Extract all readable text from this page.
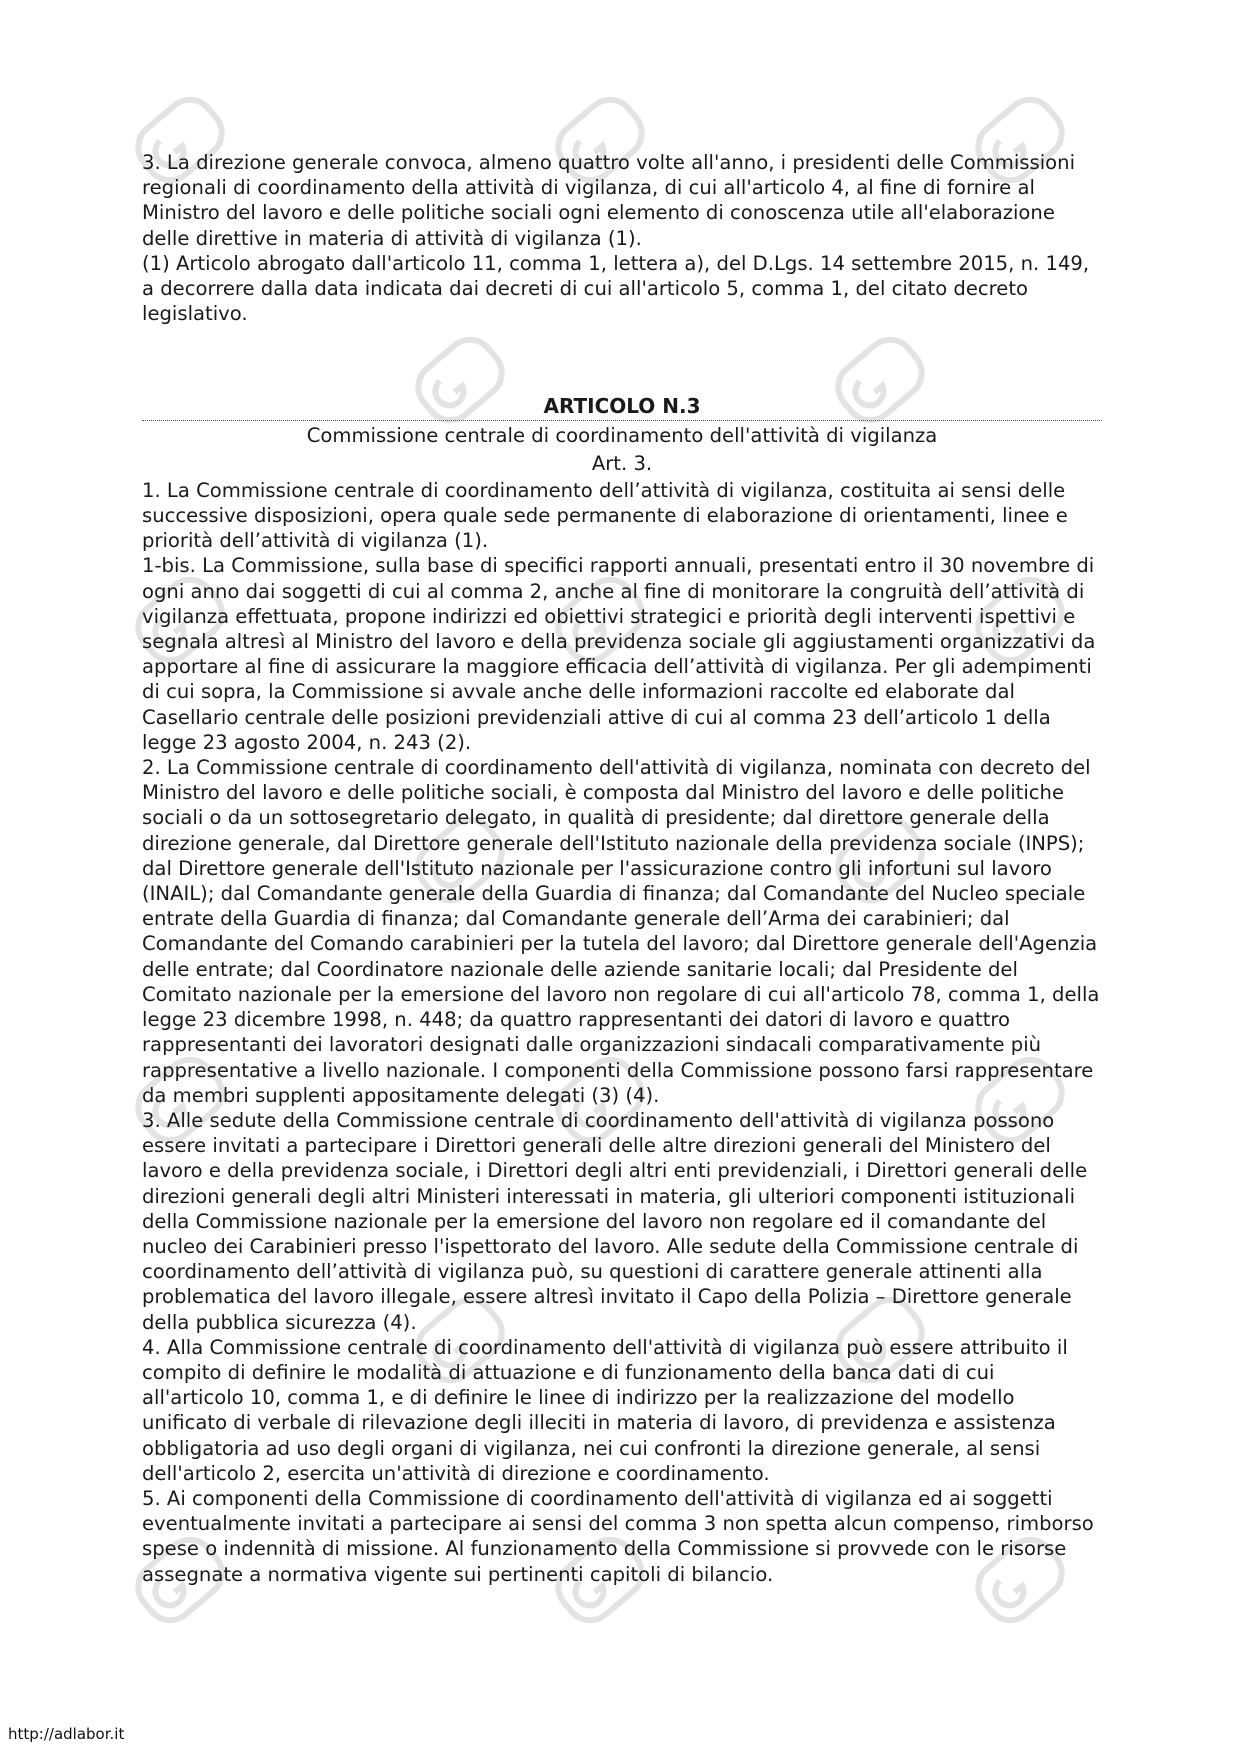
3. La direzione generale convoca, almeno quattro volte all'anno, i presidenti delle Commissioni regionali di coordinamento della attività di vigilanza, di cui all'articolo 4, al fine di fornire al Ministro del lavoro e delle politiche sociali ogni elemento di conoscenza utile all'elaborazione delle direttive in materia di attività di vigilanza (1).

(1) Articolo abrogato dall'articolo 11, comma 1, lettera a), del D.Lgs. 14 settembre 2015, n. 149, a decorrere dalla data indicata dai decreti di cui all'articolo 5, comma 1, del citato decreto legislativo.

ARTICOLO N.3
Commissione centrale di coordinamento dell'attività di vigilanza
Art. 3.

1. La Commissione centrale di coordinamento dell’attività di vigilanza, costituita ai sensi delle successive disposizioni, opera quale sede permanente di elaborazione di orientamenti, linee e priorità dell’attività di vigilanza (1).

1-bis. La Commissione, sulla base di specifici rapporti annuali, presentati entro il 30 novembre di ogni anno dai soggetti di cui al comma 2, anche al fine di monitorare la congruità dell’attività di vigilanza effettuata, propone indirizzi ed obiettivi strategici e priorità degli interventi ispettivi e segnala altresì al Ministro del lavoro e della previdenza sociale gli aggiustamenti organizzativi da apportare al fine di assicurare la maggiore efficacia dell’attività di vigilanza. Per gli adempimenti di cui sopra, la Commissione si avvale anche delle informazioni raccolte ed elaborate dal Casellario centrale delle posizioni previdenziali attive di cui al comma 23 dell’articolo 1 della legge 23 agosto 2004, n. 243 (2).

2. La Commissione centrale di coordinamento dell'attività di vigilanza, nominata con decreto del Ministro del lavoro e delle politiche sociali, è composta dal Ministro del lavoro e delle politiche sociali o da un sottosegretario delegato, in qualità di presidente; dal direttore generale della direzione generale, dal Direttore generale dell'Istituto nazionale della previdenza sociale (INPS); dal Direttore generale dell'Istituto nazionale per l'assicurazione contro gli infortuni sul lavoro (INAIL); dal Comandante generale della Guardia di finanza; dal Comandante del Nucleo speciale entrate della Guardia di finanza; dal Comandante generale dell’Arma dei carabinieri; dal Comandante del Comando carabinieri per la tutela del lavoro; dal Direttore generale dell'Agenzia delle entrate; dal Coordinatore nazionale delle aziende sanitarie locali; dal Presidente del Comitato nazionale per la emersione del lavoro non regolare di cui all'articolo 78, comma 1, della legge 23 dicembre 1998, n. 448; da quattro rappresentanti dei datori di lavoro e quattro rappresentanti dei lavoratori designati dalle organizzazioni sindacali comparativamente più rappresentative a livello nazionale. I componenti della Commissione possono farsi rappresentare da membri supplenti appositamente delegati (3) (4).

3. Alle sedute della Commissione centrale di coordinamento dell'attività di vigilanza possono essere invitati a partecipare i Direttori generali delle altre direzioni generali del Ministero del lavoro e della previdenza sociale, i Direttori degli altri enti previdenziali, i Direttori generali delle direzioni generali degli altri Ministeri interessati in materia, gli ulteriori componenti istituzionali della Commissione nazionale per la emersione del lavoro non regolare ed il comandante del nucleo dei Carabinieri presso l'ispettorato del lavoro. Alle sedute della Commissione centrale di coordinamento dell’attività di vigilanza può, su questioni di carattere generale attinenti alla problematica del lavoro illegale, essere altresì invitato il Capo della Polizia – Direttore generale della pubblica sicurezza (4).

4. Alla Commissione centrale di coordinamento dell'attività di vigilanza può essere attribuito il compito di definire le modalità di attuazione e di funzionamento della banca dati di cui all'articolo 10, comma 1, e di definire le linee di indirizzo per la realizzazione del modello unificato di verbale di rilevazione degli illeciti in materia di lavoro, di previdenza e assistenza obbligatoria ad uso degli organi di vigilanza, nei cui confronti la direzione generale, al sensi dell'articolo 2, esercita un'attività di direzione e coordinamento.

5. Ai componenti della Commissione di coordinamento dell'attività di vigilanza ed ai soggetti eventualmente invitati a partecipare ai sensi del comma 3 non spetta alcun compenso, rimborso spese o indennità di missione. Al funzionamento della Commissione si provvede con le risorse assegnate a normativa vigente sui pertinenti capitoli di bilancio.

http://adlabor.it
